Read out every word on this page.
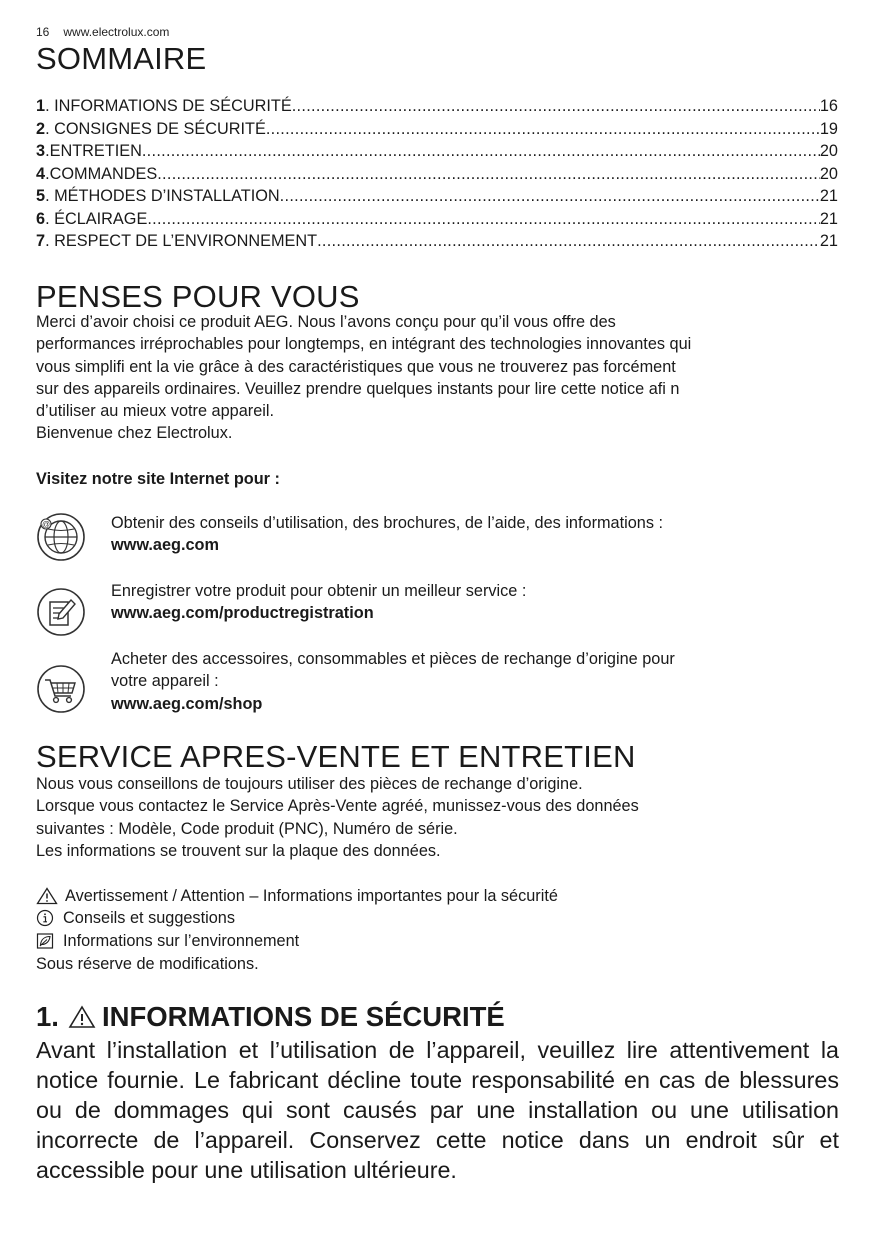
16 www.electrolux.com
SOMMAIRE
1 . INFORMATIONS DE SÉCURITÉ .....	16
2 . CONSIGNES DE SÉCURITÉ .....	19
3 .ENTRETIEN .....	20
4 .COMMANDES .....	20
5 . MÉTHODES D’INSTALLATION .....	21
6 . ÉCLAIRAGE .....	21
7 . RESPECT DE L’ENVIRONNEMENT .....	21
PENSES POUR VOUS
Merci d’avoir choisi ce produit AEG. Nous l’avons conçu pour qu’il vous offre des
performances irréprochables pour longtemps, en intégrant des technologies innovantes qui
vous simplifi ent la vie grâce à des caractéristiques que vous ne trouverez pas forcément
sur des appareils ordinaires. Veuillez prendre quelques instants pour lire cette notice afi n
d’utiliser au mieux votre appareil.
Bienvenue chez Electrolux.
Visitez notre site Internet pour :
@	Obtenir des conseils d’utilisation, des brochures, de l’aide, des informations :
www.aeg.com
Enregistrer votre produit pour obtenir un meilleur service :
www.aeg.com/productregistration
Acheter des accessoires, consommables et pièces de rechange d’origine pour
votre appareil :
www.aeg.com/shop
SERVICE APRES-VENTE ET ENTRETIEN
Nous vous conseillons de toujours utiliser des pièces de rechange d’origine.
Lorsque vous contactez le Service Après-Vente agréé, munissez-vous des données
suivantes : Modèle, Code produit (PNC), Numéro de série.
Les informations se trouvent sur la plaque des données.
Avertissement / Attention – Informations importantes pour la sécurité
Conseils et suggestions
Informations sur l’environnement
Sous réserve de modifications.
1. INFORMATIONS DE SÉCURITÉ
Avant l’installation et l’utilisation de l’appareil, veuillez lire attentivement la notice fournie. Le fabricant décline toute responsabilité en cas de blessures ou de dommages qui sont causés par une installation ou une utilisation incorrecte de l’appareil. Conservez cette notice dans un endroit sûr et accessible pour une utilisation ultérieure.
